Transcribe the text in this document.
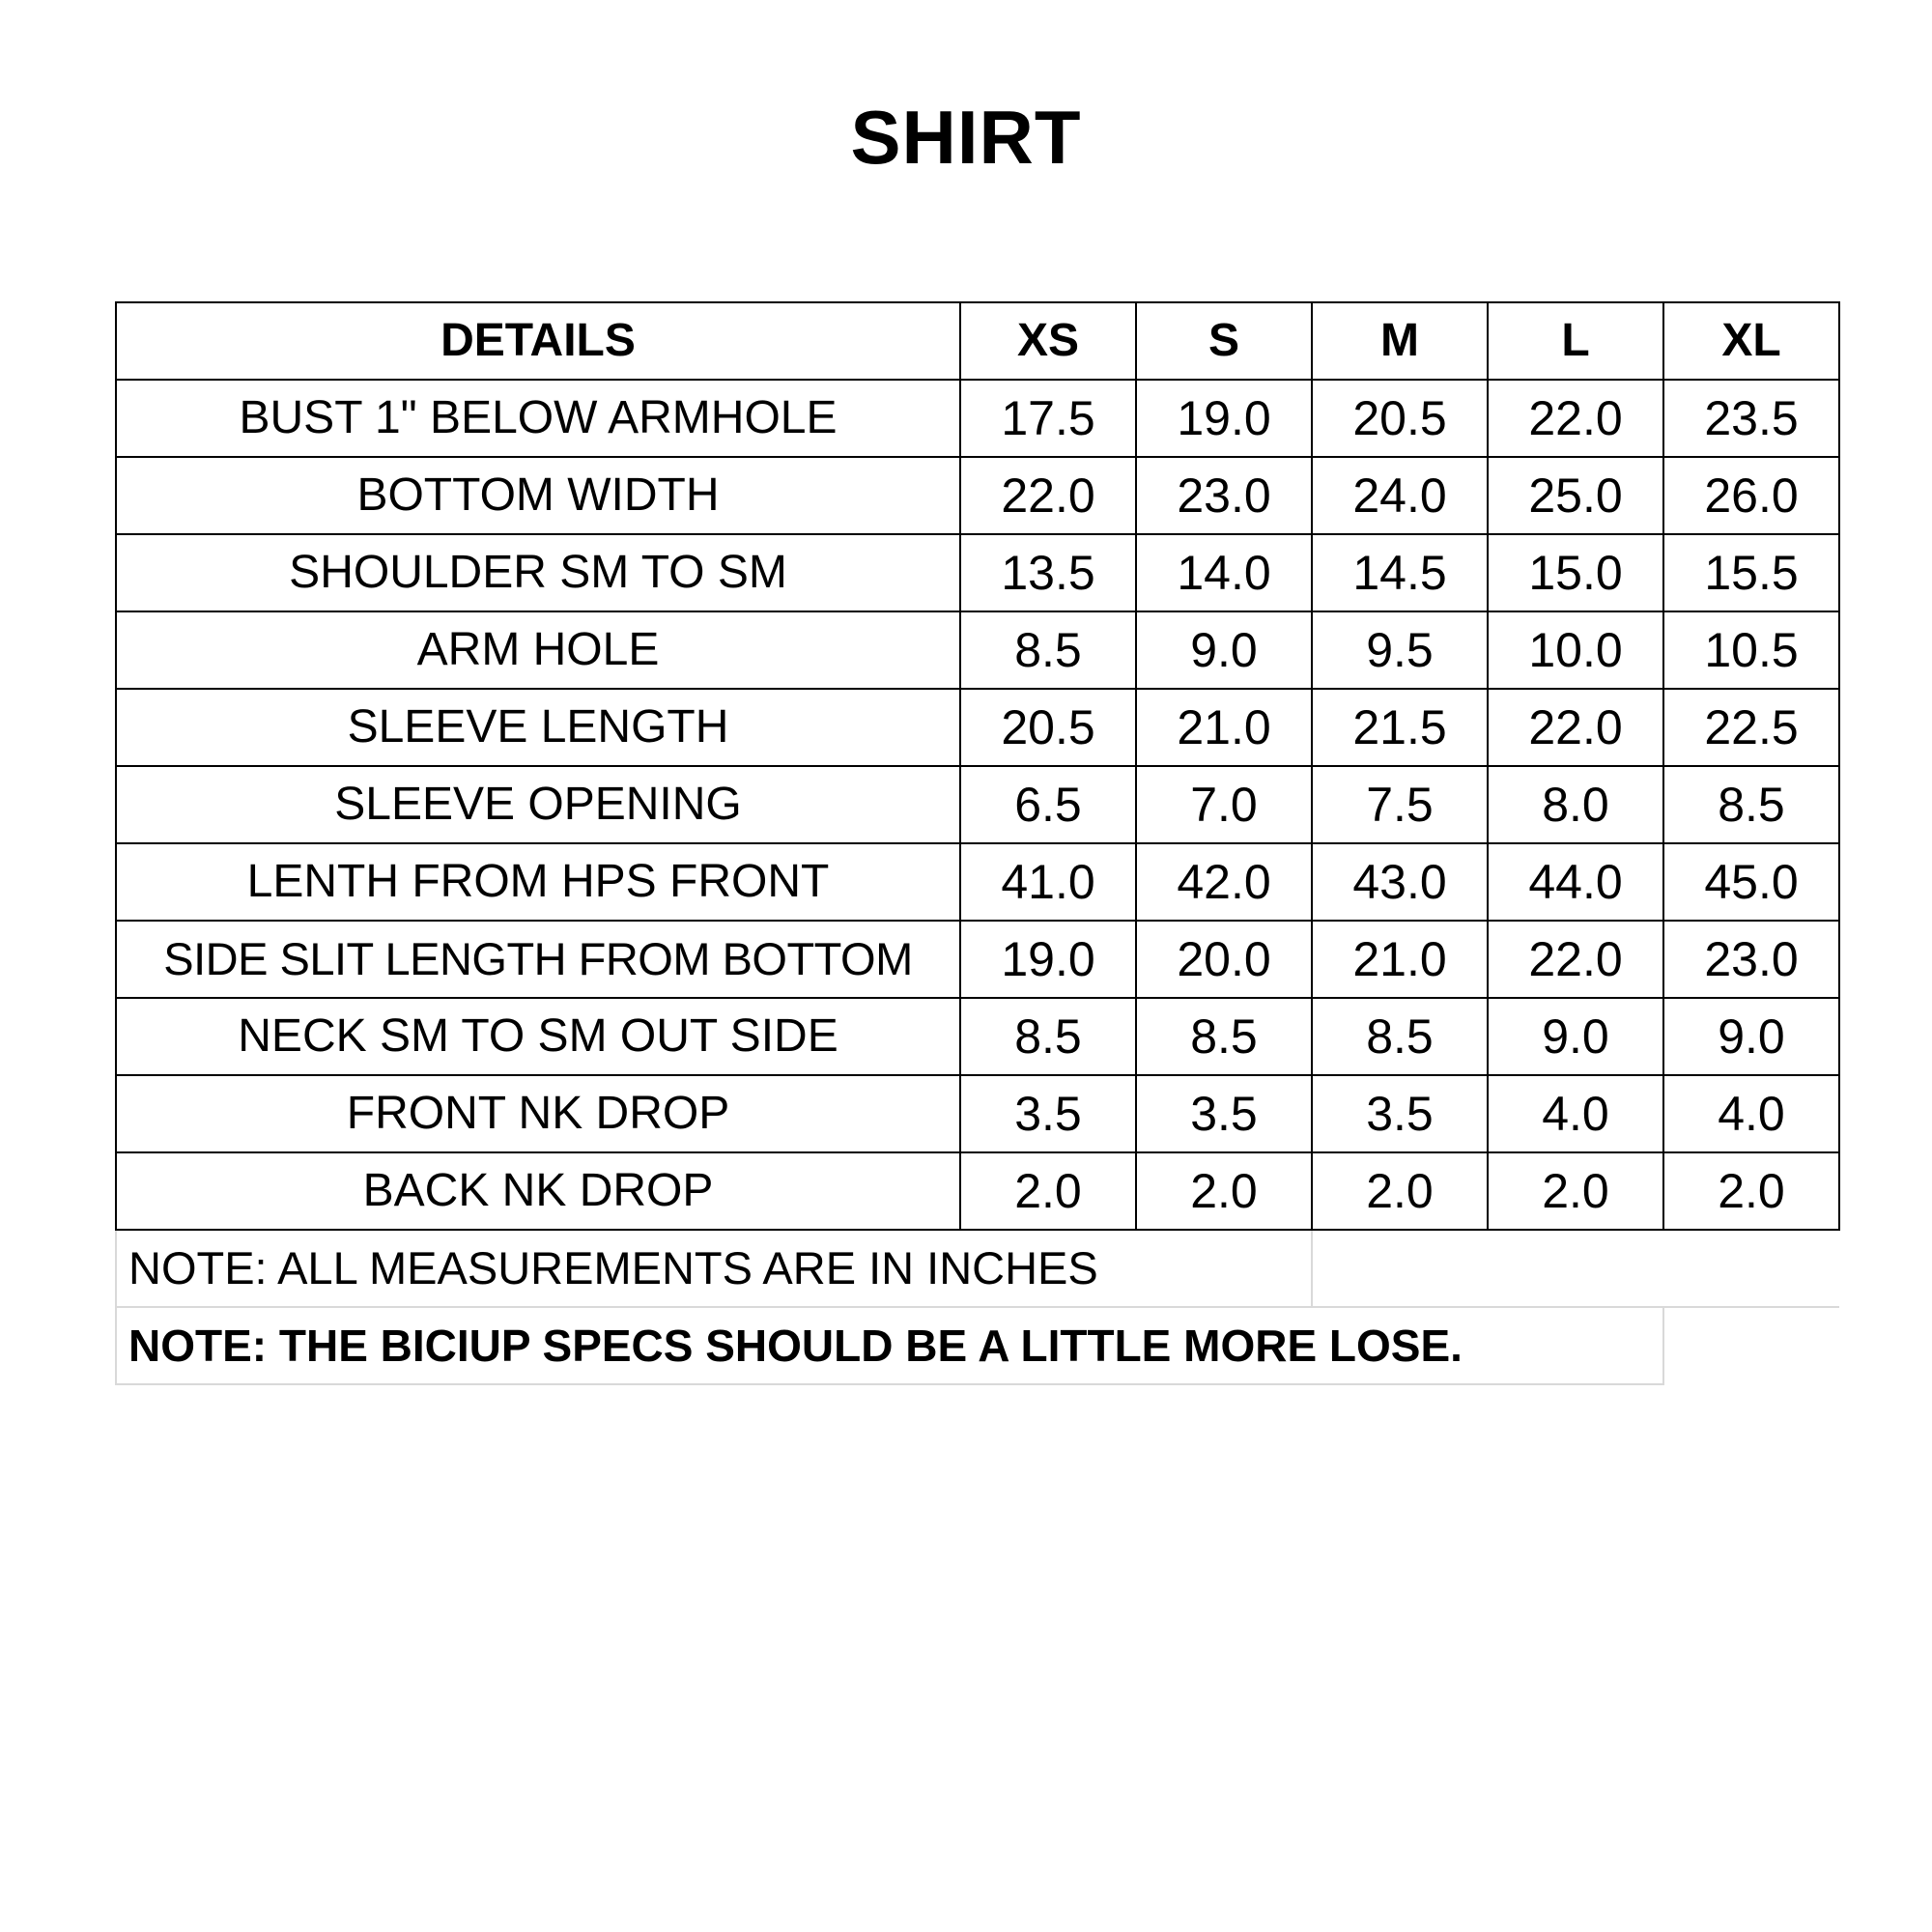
SHIRT
DETAILS	XS	S	M	L	XL
BUST 1" BELOW ARMHOLE	17.5	19.0	20.5	22.0	23.5
BOTTOM WIDTH	22.0	23.0	24.0	25.0	26.0
SHOULDER SM TO SM	13.5	14.0	14.5	15.0	15.5
ARM HOLE	8.5	9.0	9.5	10.0	10.5
SLEEVE LENGTH	20.5	21.0	21.5	22.0	22.5
SLEEVE OPENING	6.5	7.0	7.5	8.0	8.5
LENTH FROM HPS FRONT	41.0	42.0	43.0	44.0	45.0
SIDE SLIT LENGTH FROM BOTTOM	19.0	20.0	21.0	22.0	23.0
NECK SM TO SM OUT SIDE	8.5	8.5	8.5	9.0	9.0
FRONT NK DROP	3.5	3.5	3.5	4.0	4.0
BACK NK DROP	2.0	2.0	2.0	2.0	2.0
NOTE: ALL MEASUREMENTS ARE IN INCHES					
NOTE: THE BICIUP SPECS SHOULD BE A LITTLE MORE LOSE.					
